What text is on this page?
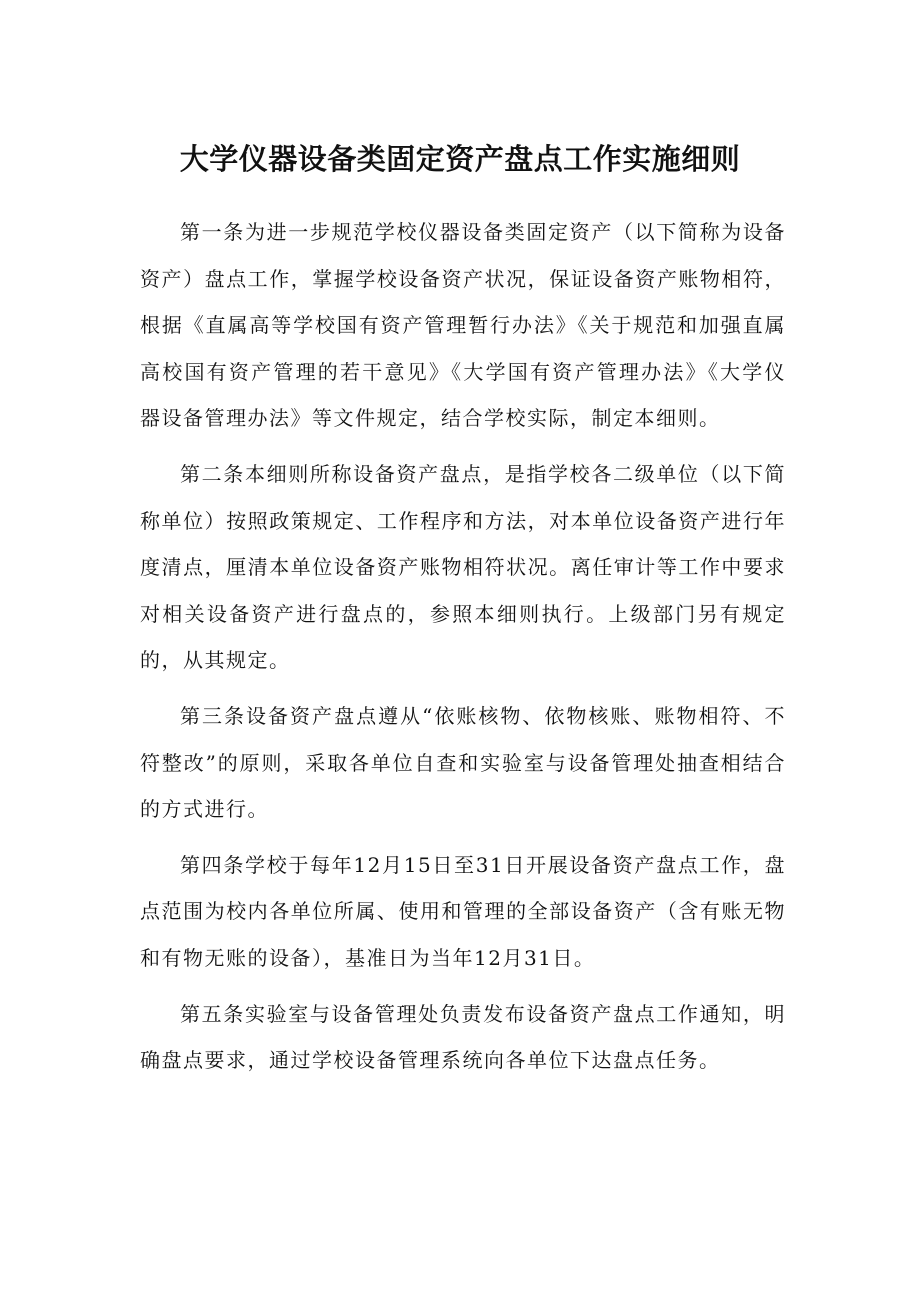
大学仪器设备类固定资产盘点工作实施细则

第一条为进一步规范学校仪器设备类固定资产（以下简称为设备资产）盘点工作，掌握学校设备资产状况，保证设备资产账物相符，根据《直属高等学校国有资产管理暂行办法》《关于规范和加强直属高校国有资产管理的若干意见》《大学国有资产管理办法》《大学仪器设备管理办法》等文件规定，结合学校实际，制定本细则。

第二条本细则所称设备资产盘点，是指学校各二级单位（以下简称单位）按照政策规定、工作程序和方法，对本单位设备资产进行年度清点，厘清本单位设备资产账物相符状况。离任审计等工作中要求对相关设备资产进行盘点的，参照本细则执行。上级部门另有规定的，从其规定。

第三条设备资产盘点遵从“依账核物、依物核账、账物相符、不符整改”的原则，采取各单位自查和实验室与设备管理处抽查相结合的方式进行。

第四条学校于每年12月15日至31日开展设备资产盘点工作，盘点范围为校内各单位所属、使用和管理的全部设备资产（含有账无物和有物无账的设备），基准日为当年12月31日。

第五条实验室与设备管理处负责发布设备资产盘点工作通知，明确盘点要求，通过学校设备管理系统向各单位下达盘点任务。
